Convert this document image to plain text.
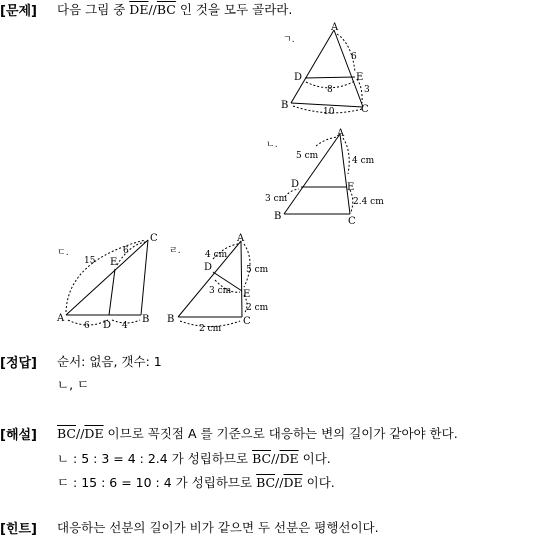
[문제] 다음 그림 중 $\overline{DE}//\overline{BC}$ 인 것을 모두 골라라.
ㄱ.
A
B	C
D	E
6
3
8
10
ㄴ.
A
B	C
D	E
5 cm	4 cm
3 cm	2.4 cm
ㄷ.
A	B
C
D
E
15
6
6	4
ㄹ.
A
B	C
D
E
4 cm
5 cm
3 cm
2 cm
2 cm
[정답] 순서: 없음, 갯수: 1
ㄴ, ㄷ
[해설] $\overline{BC}//\overline{DE}$ 이므로 꼭짓점 A 를 기준으로 대응하는 변의 길이가 같아야 한다.
ㄴ : 5 : 3 = 4 : 2.4 가 성립하므로 $\overline{BC}//\overline{DE}$ 이다.
ㄷ : 15 : 6 = 10 : 4 가 성립하므로 $\overline{BC}//\overline{DE}$ 이다.
[힌트] 대응하는 선분의 길이가 비가 같으면 두 선분은 평행선이다.
